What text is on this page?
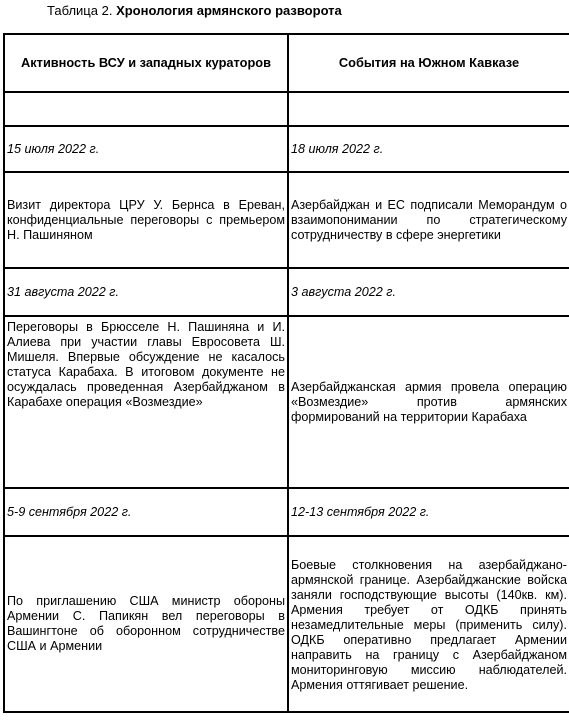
Таблица 2. Хронология армянского разворота
Активность ВСУ и западных кураторов	События на Южном Кавказе

15 июля 2022 г.	18 июля 2022 г.
Визит директора ЦРУ У. Бернса в Ереван, конфиденциальные переговоры с премьером Н. Пашиняном	Азербайджан и ЕС подписали Меморандум о взаимопонимании по стратегическому сотрудничеству в сфере энергетики
31 августа 2022 г.	3 августа 2022 г.
Переговоры в Брюсселе Н. Пашиняна и И. Алиева при участии главы Евросовета Ш. Мишеля. Впервые обсуждение не касалось статуса Карабаха. В итоговом документе не осуждалась проведенная Азербайджаном в Карабахе операция «Возмездие»	Азербайджанская армия провела операцию «Возмездие» против армянских формирований на территории Карабаха
5-9 сентября 2022 г.	12-13 сентября 2022 г.
По приглашению США министр обороны Армении С. Папикян вел переговоры в Вашингтоне об оборонном сотрудничестве США и Армении	Боевые столкновения на азербайджано-армянской границе. Азербайджанские войска заняли господствующие высоты (140кв. км). Армения требует от ОДКБ принять незамедлительные меры (применить силу). ОДКБ оперативно предлагает Армении направить на границу с Азербайджаном мониторинговую миссию наблюдателей. Армения оттягивает решение.
